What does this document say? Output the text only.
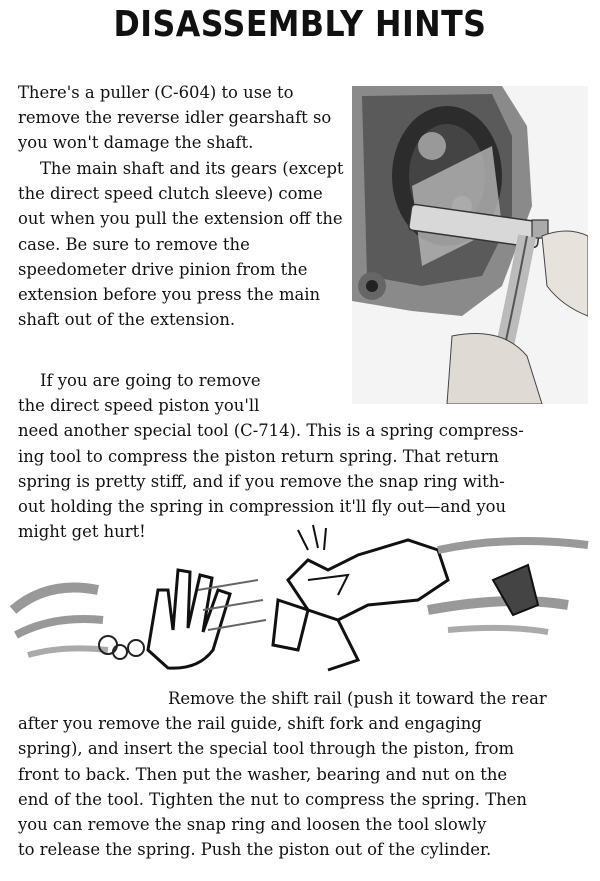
DISASSEMBLY HINTS
There's a puller (C-604) to use to remove the reverse idler gearshaft so you won't damage the shaft.
The main shaft and its gears (except the direct speed clutch sleeve) come out when you pull the extension off the case. Be sure to remove the speedometer drive pinion from the extension before you press the main shaft out of the extension.
If you are going to remove
the direct speed piston you'll
need another special tool (C-714). This is a spring compress-
ing tool to compress the piston return spring. That return
spring is pretty stiff, and if you remove the snap ring with-
out holding the spring in compression it'll fly out—and you
might get hurt!
Remove the shift rail (push it toward the rear
after you remove the rail guide, shift fork and engaging
spring), and insert the special tool through the piston, from
front to back. Then put the washer, bearing and nut on the
end of the tool. Tighten the nut to compress the spring. Then
you can remove the snap ring and loosen the tool slowly
to release the spring. Push the piston out of the cylinder.
